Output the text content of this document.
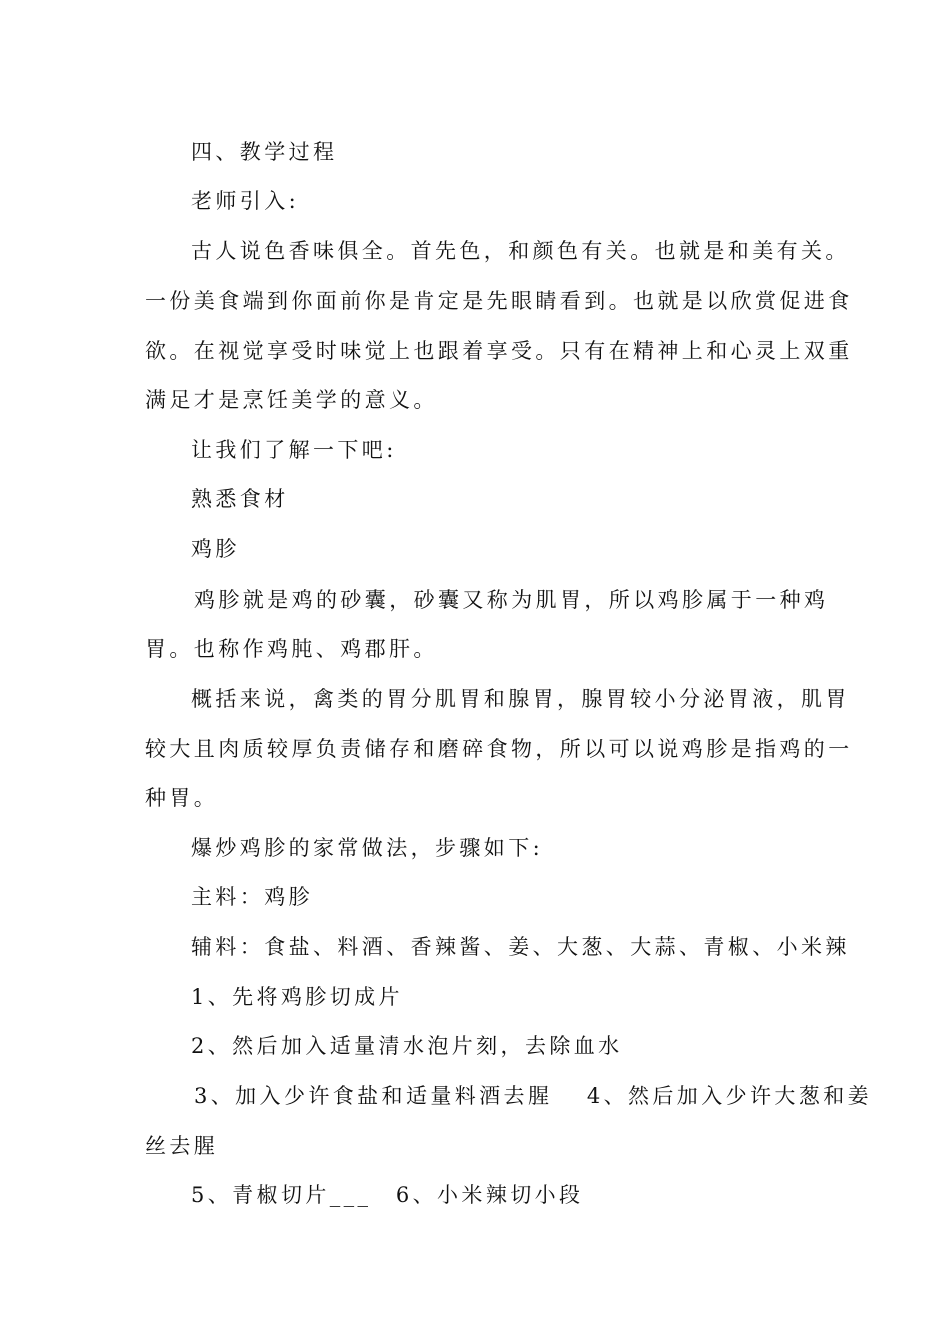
四、教学过程
老师引入:
古人说色香味俱全。首先色，和颜色有关。也就是和美有关。
一份美食端到你面前你是肯定是先眼睛看到。也就是以欣赏促进食
欲。在视觉享受时味觉上也跟着享受。只有在精神上和心灵上双重
满足才是烹饪美学的意义。
让我们了解一下吧:
熟悉食材
鸡胗
鸡胗就是鸡的砂囊，砂囊又称为肌胃，所以鸡胗属于一种鸡
胃。也称作鸡肫、鸡郡肝。
概括来说，禽类的胃分肌胃和腺胃，腺胃较小分泌胃液，肌胃
较大且肉质较厚负责储存和磨碎食物，所以可以说鸡胗是指鸡的一
种胃。
爆炒鸡胗的家常做法，步骤如下:
主料：鸡胗
辅料：食盐、料酒、香辣酱、姜、大葱、大蒜、青椒、小米辣
1、先将鸡胗切成片
2、然后加入适量清水泡片刻，去除血水
3、加入少许食盐和适量料酒去腥　 4、然后加入少许大葱和姜
丝去腥
5、青椒切片___　6、小米辣切小段
